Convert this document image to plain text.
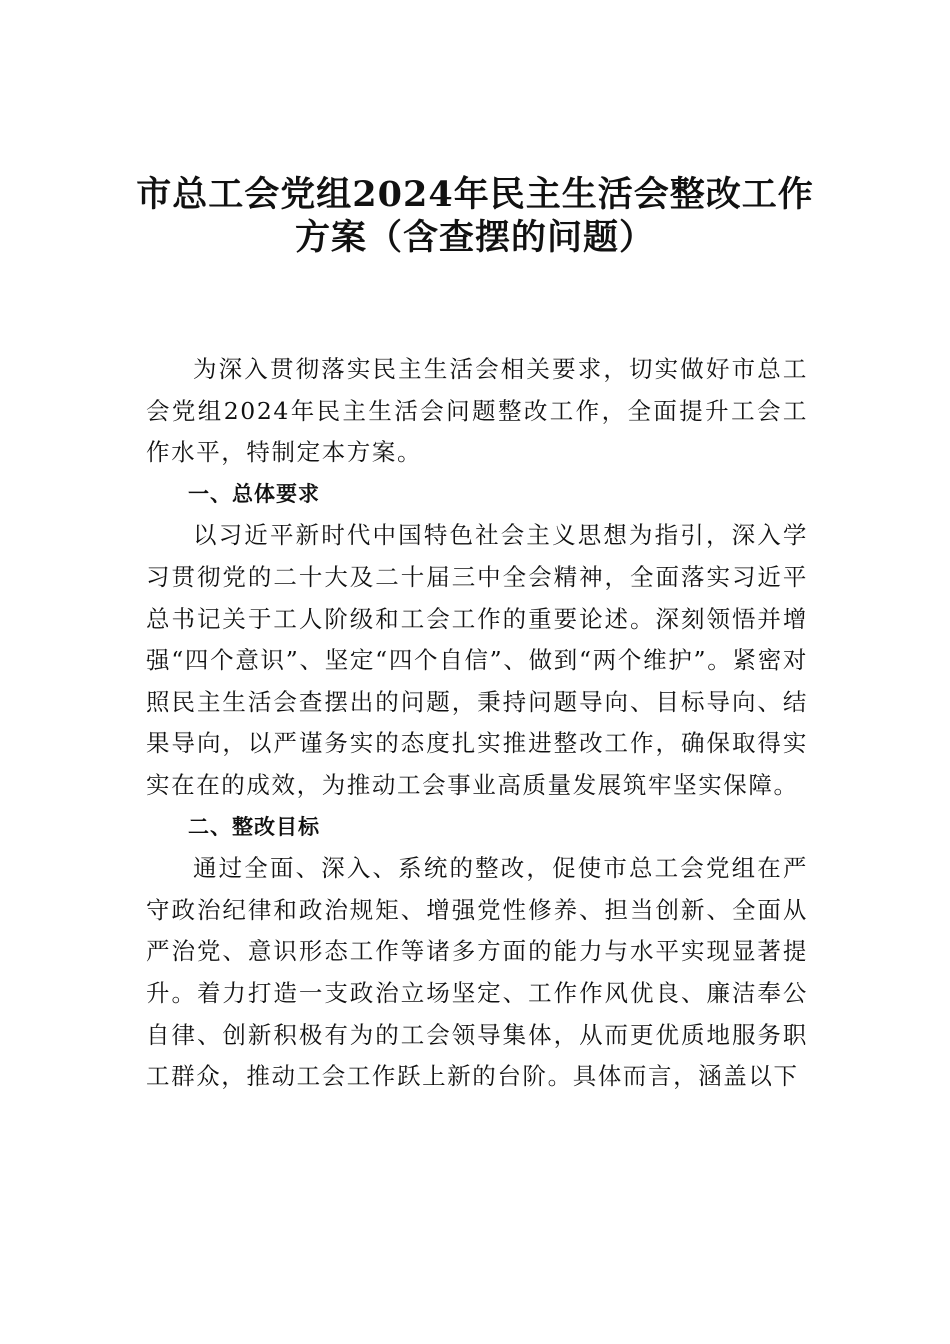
市总工会党组2024年民主生活会整改工作
方案（含查摆的问题）

为深入贯彻落实民主生活会相关要求，切实做好市总工会党组2024年民主生活会问题整改工作，全面提升工会工作水平，特制定本方案。

一、总体要求

以习近平新时代中国特色社会主义思想为指引，深入学习贯彻党的二十大及二十届三中全会精神，全面落实习近平总书记关于工人阶级和工会工作的重要论述。深刻领悟并增强“四个意识”、坚定“四个自信”、做到“两个维护”。紧密对照民主生活会查摆出的问题，秉持问题导向、目标导向、结果导向，以严谨务实的态度扎实推进整改工作，确保取得实实在在的成效，为推动工会事业高质量发展筑牢坚实保障。

二、整改目标

通过全面、深入、系统的整改，促使市总工会党组在严守政治纪律和政治规矩、增强党性修养、担当创新、全面从严治党、意识形态工作等诸多方面的能力与水平实现显著提升。着力打造一支政治立场坚定、工作作风优良、廉洁奉公自律、创新积极有为的工会领导集体，从而更优质地服务职工群众，推动工会工作跃上新的台阶。具体而言，涵盖以下
